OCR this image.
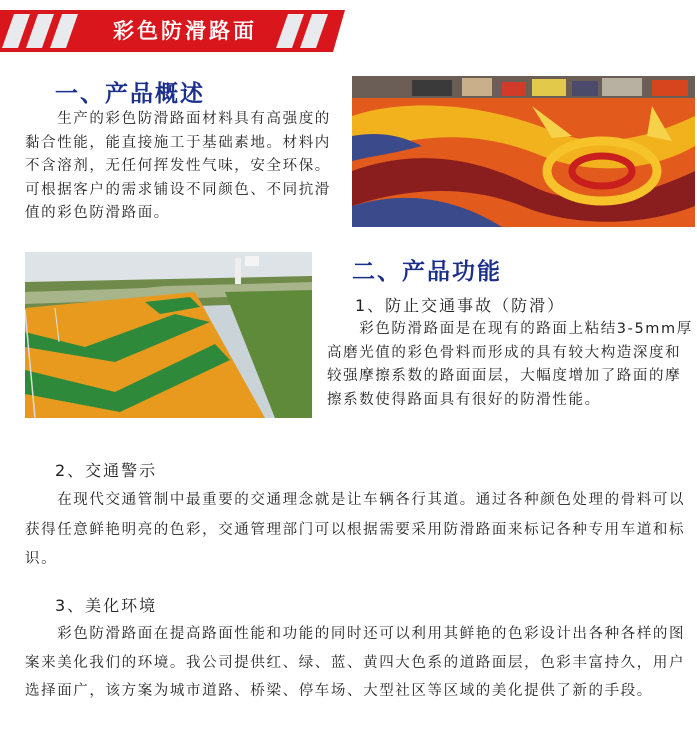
彩色防滑路面
一、产品概述
　　生产的彩色防滑路面材料具有高强度的黏合性能，能直接施工于基础素地。材料内不含溶剂，无任何挥发性气味，安全环保。可根据客户的需求铺设不同颜色、不同抗滑值的彩色防滑路面。
二、产品功能
1、防止交通事故（防滑）
　　彩色防滑路面是在现有的路面上粘结3-5mm厚高磨光值的彩色骨料而形成的具有较大构造深度和较强摩擦系数的路面面层，大幅度增加了路面的摩擦系数使得路面具有很好的防滑性能。
2、交通警示
　　在现代交通管制中最重要的交通理念就是让车辆各行其道。通过各种颜色处理的骨料可以获得任意鲜艳明亮的色彩，交通管理部门可以根据需要采用防滑路面来标记各种专用车道和标识。
3、美化环境
　　彩色防滑路面在提高路面性能和功能的同时还可以利用其鲜艳的色彩设计出各种各样的图案来美化我们的环境。我公司提供红、绿、蓝、黄四大色系的道路面层，色彩丰富持久，用户选择面广，该方案为城市道路、桥梁、停车场、大型社区等区域的美化提供了新的手段。
